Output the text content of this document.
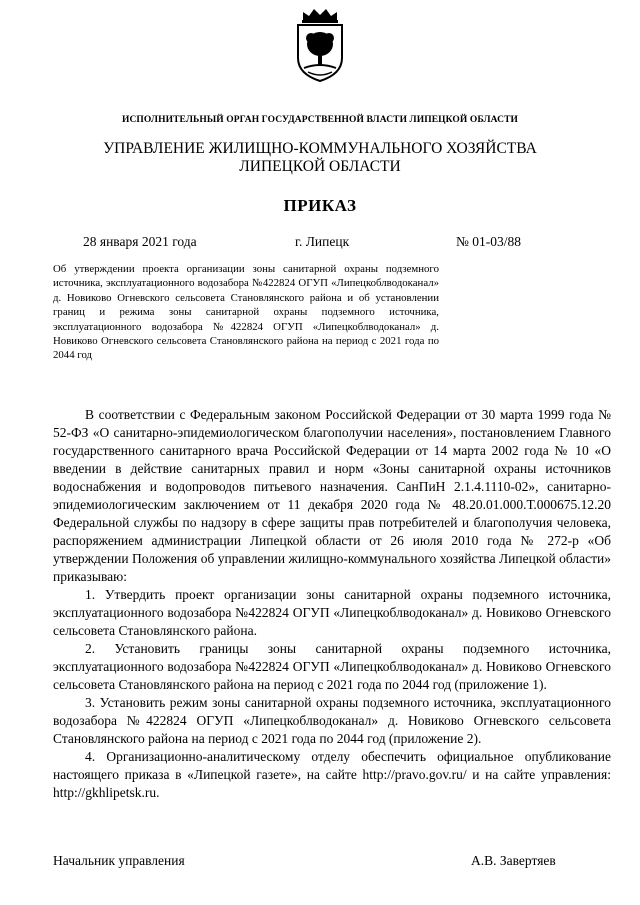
ИСПОЛНИТЕЛЬНЫЙ ОРГАН ГОСУДАРСТВЕННОЙ ВЛАСТИ ЛИПЕЦКОЙ ОБЛАСТИ
УПРАВЛЕНИЕ ЖИЛИЩНО-КОММУНАЛЬНОГО ХОЗЯЙСТВА
ЛИПЕЦКОЙ ОБЛАСТИ
ПРИКАЗ
28 января 2021 года	г. Липецк	№ 01-03/88
Об утверждении проекта организации зоны санитарной охраны подземного источника, эксплуатационного водозабора №422824 ОГУП «Липецкоблводоканал» д. Новиково Огневского сельсовета Становлянского района и об установлении границ и режима зоны санитарной охраны подземного источника, эксплуатационного водозабора №422824 ОГУП «Липецкоблводоканал» д. Новиково Огневского сельсовета Становлянского района на период с 2021 года по 2044 год

В соответствии с Федеральным законом Российской Федерации от 30 марта 1999 года № 52-ФЗ «О санитарно-эпидемиологическом благополучии населения», постановлением Главного государственного санитарного врача Российской Федерации от 14 марта 2002 года № 10 «О введении в действие санитарных правил и норм «Зоны санитарной охраны источников водоснабжения и водопроводов питьевого назначения. СанПиН 2.1.4.1110-02», санитарно-эпидемиологическим заключением от 11 декабря 2020 года № 48.20.01.000.Т.000675.12.20 Федеральной службы по надзору в сфере защиты прав потребителей и благополучия человека, распоряжением администрации Липецкой области от 26 июля 2010 года № 272-р «Об утверждении Положения об управлении жилищно-коммунального хозяйства Липецкой области» приказываю:

1. Утвердить проект организации зоны санитарной охраны подземного источника, эксплуатационного водозабора №422824 ОГУП «Липецкоблводоканал» д. Новиково Огневского сельсовета Становлянского района.

2. Установить границы зоны санитарной охраны подземного источника, эксплуатационного водозабора №422824 ОГУП «Липецкоблводоканал» д. Новиково Огневского сельсовета Становлянского района на период с 2021 года по 2044 год (приложение 1).

3. Установить режим зоны санитарной охраны подземного источника, эксплуатационного водозабора №422824 ОГУП «Липецкоблводоканал» д. Новиково Огневского сельсовета Становлянского района на период с 2021 года по 2044 год (приложение 2).

4. Организационно-аналитическому отделу обеспечить официальное опубликование настоящего приказа в «Липецкой газете», на сайте http://pravo.gov.ru/ и на сайте управления: http://gkhlipetsk.ru.

Начальник управления	А.В. Завертяев
